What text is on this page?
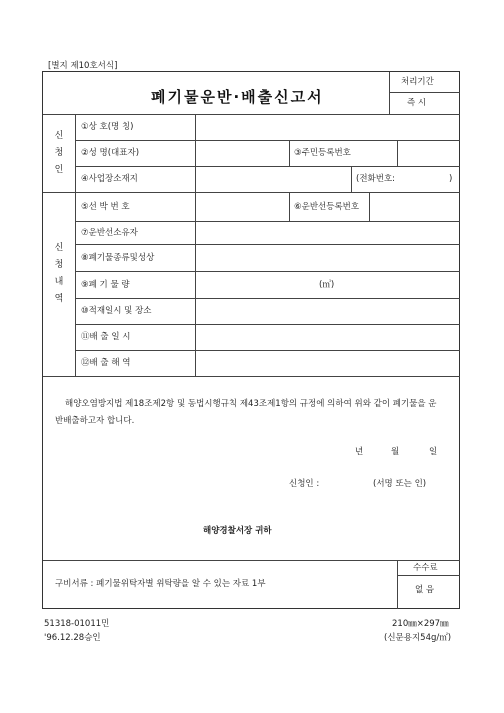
[별지 제10호서식]
폐기물운반·배출신고서
처리기간
즉 시
신청인
①상 호(명 칭)
②성 명(대표자)	③주민등록번호
④사업장소재지	(전화번호:	)
신청내역
⑤선 박 번 호	⑥운반선등록번호
⑦운반선소유자
⑧폐기물종류및성상
⑨폐 기 물 량	(㎥)
⑩적재일시 및 장소
⑪배 출 일 시
⑫배 출 해 역
해양오염방지법 제18조제2항 및 동법시행규칙 제43조제1항의 규정에 의하여 위와 같이 폐기물을 운반배출하고자 합니다.
년	월	일
신청인 :	(서명 또는 인)
해양경찰서장 귀하
구비서류 : 폐기물위탁자별 위탁량을 알 수 있는 자료 1부
수수료
없 음
51318-01011민
'96.12.28승인
210㎜×297㎜
(신문용지54g/㎡)
